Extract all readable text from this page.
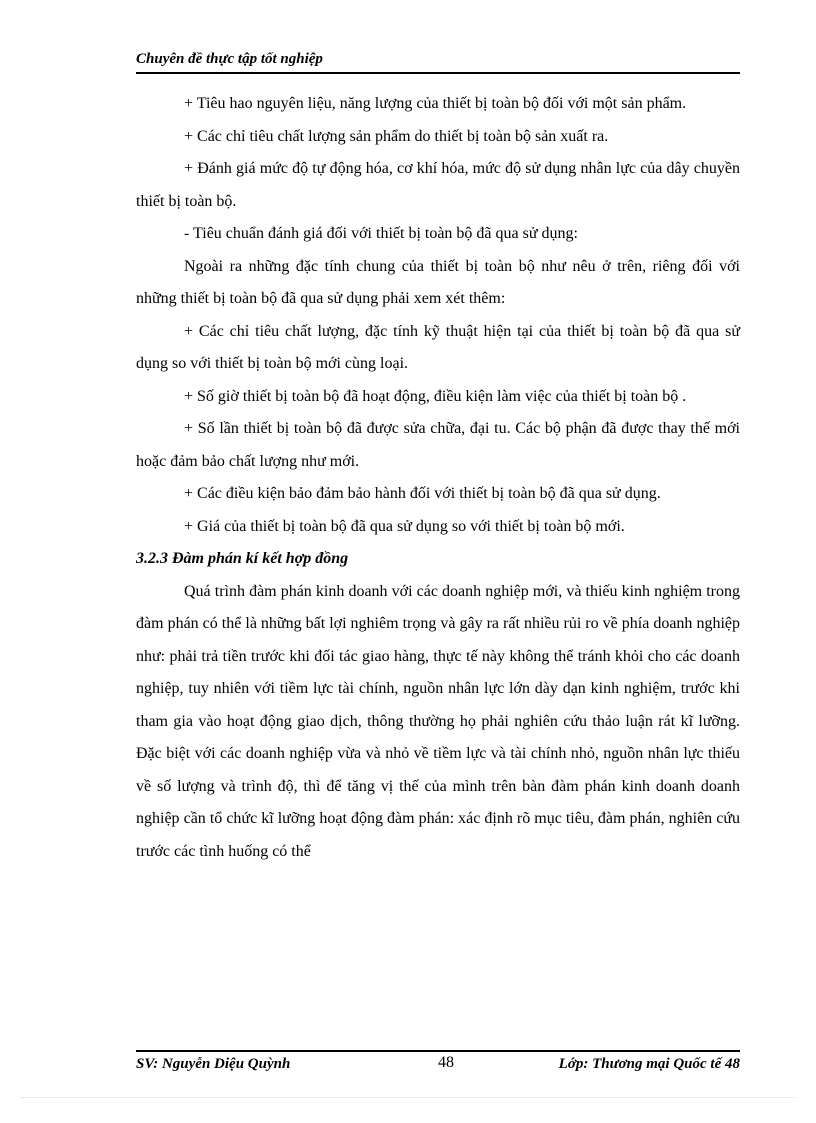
Chuyên đề thực tập tốt nghiệp

+ Tiêu hao nguyên liệu, năng lượng của thiết bị toàn bộ đối với một sản phẩm.

+ Các chỉ tiêu chất lượng sản phẩm do thiết bị toàn bộ sản xuất ra.

+ Đánh giá mức độ tự động hóa, cơ khí hóa, mức độ sử dụng nhân lực của dây chuyền thiết bị toàn bộ.

- Tiêu chuẩn đánh giá đối với thiết bị toàn bộ đã qua sử dụng:

Ngoài ra những đặc tính chung của thiết bị toàn bộ như nêu ở trên, riêng đối với những thiết bị toàn bộ đã qua sử dụng phải xem xét thêm:

+ Các chỉ tiêu chất lượng, đặc tính kỹ thuật hiện tại của thiết bị toàn bộ đã qua sử dụng so với thiết bị toàn bộ mới cùng loại.

+ Số giờ thiết bị toàn bộ đã hoạt động, điều kiện làm việc của thiết bị toàn bộ .

+ Số lần thiết bị toàn bộ đã được sửa chữa, đại tu. Các bộ phận đã được thay thế mới hoặc đảm bảo chất lượng như mới.

+ Các điều kiện bảo đảm bảo hành đối với thiết bị toàn bộ đã qua sử dụng.

+ Giá của thiết bị toàn bộ đã qua sử dụng so với thiết bị toàn bộ mới.

3.2.3 Đàm phán kí kết hợp đồng

Quá trình đàm phán kinh doanh với các doanh nghiệp mới, và thiếu kinh nghiệm trong đàm phán có thể là những bất lợi nghiêm trọng và gây ra rất nhiều rủi ro về phía doanh nghiệp như: phải trả tiền trước khi đối tác giao hàng, thực tế này không thể tránh khỏi cho các doanh nghiệp, tuy nhiên với tiềm lực tài chính, nguồn nhân lực lớn dày dạn kinh nghiệm, trước khi tham gia vào hoạt động giao dịch, thông thường họ phải nghiên cứu thảo luận rát kĩ lưỡng. Đặc biệt với các doanh nghiệp vừa và nhỏ về tiềm lực và tài chính nhỏ, nguồn nhân lực thiếu về số lượng và trình độ, thì để tăng vị thế của mình trên bàn đàm phán kinh doanh doanh nghiệp cần tổ chức kĩ lưỡng hoạt động đàm phán: xác định rõ mục tiêu, đàm phán, nghiên cứu trước các tình huống có thể

SV: Nguyễn Diệu Quỳnh	48	Lớp: Thương mại Quốc tế 48
